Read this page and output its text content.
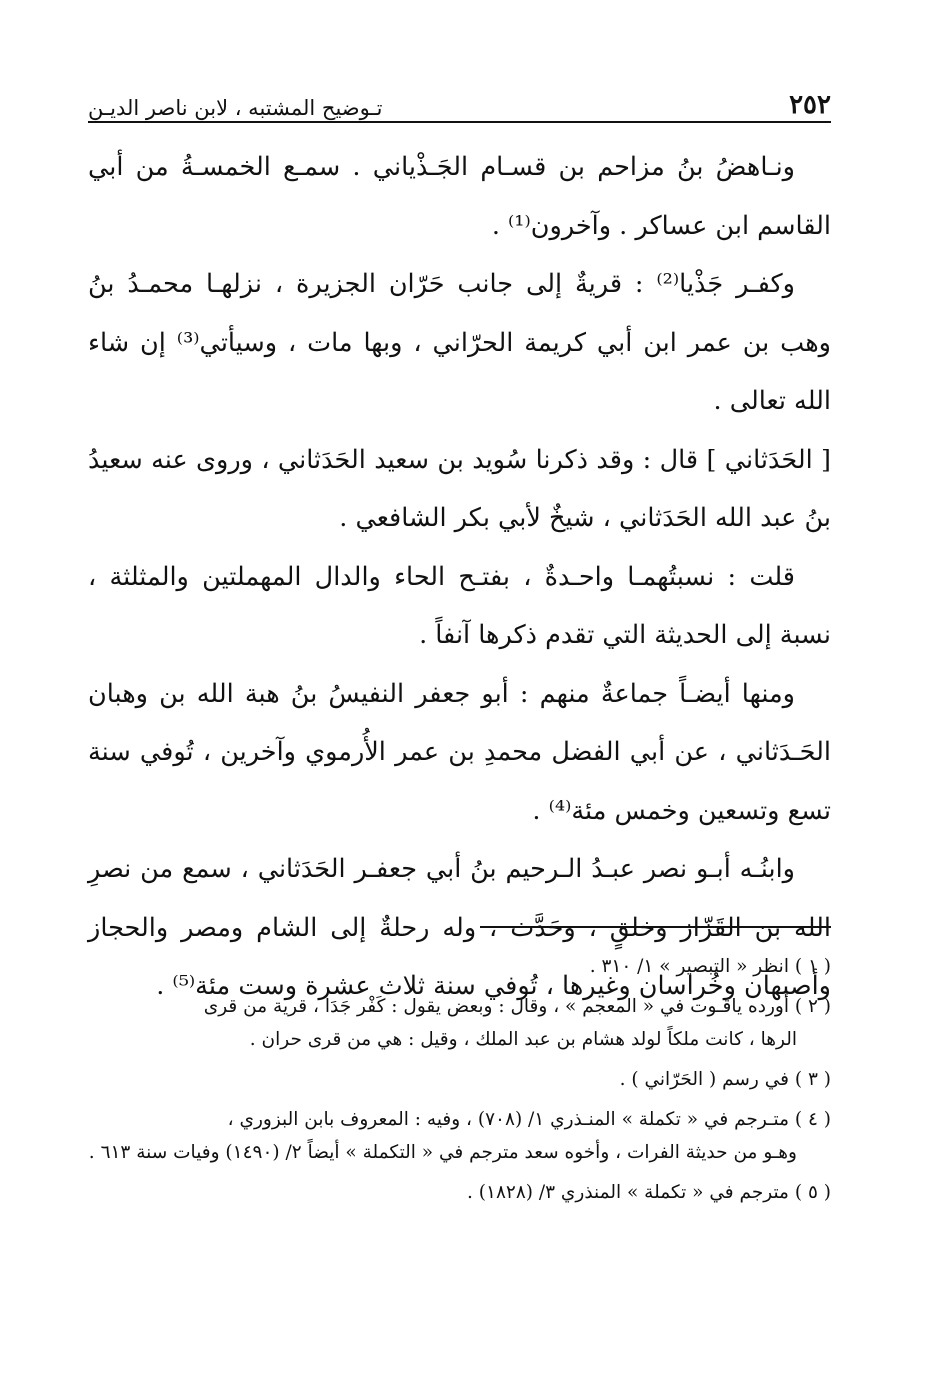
٢٥٢
تـوضيح المشتبه ، لابن ناصر الديـن

ونـاهضُ بنُ مزاحم بن قسـام الجَـذْياني . سمـع الخمسـةُ من أبي القاسم ابن عساكر . وآخرون⁽¹⁾ .

وكفـر جَذْيا⁽²⁾ : قريةٌ إلى جانب حَرّان الجزيرة ، نزلهـا محمـدُ بنُ وهب بن عمر ابن أبي كريمة الحرّاني ، وبها مات ، وسيأتي⁽³⁾ إن شاء الله تعالى .

[ الحَدَثاني ] قال : وقد ذكرنا سُويد بن سعيد الحَدَثاني ، وروى عنه سعيدُ بنُ عبد الله الحَدَثاني ، شيخٌ لأبي بكر الشافعي .

قلت : نسبتُهمـا واحـدةٌ ، بفتـح الحاء والدال المهملتين والمثلثة ، نسبة إلى الحديثة التي تقدم ذكرها آنفاً .

ومنها أيضـاً جماعةٌ منهم : أبو جعفر النفيسُ بنُ هبة الله بن وهبان الحَـدَثاني ، عن أبي الفضل محمدِ بن عمر الأُرموي وآخرين ، تُوفي سنة تسع وتسعين وخمس مئة⁽⁴⁾ .

وابنُـه أبـو نصر عبـدُ الـرحيم بنُ أبي جعفـر الحَدَثاني ، سمع من نصرِ الله بن القَزّاز وخلقٍ ، وحَدَّث ، وله رحلةٌ إلى الشام ومصر والحجاز وأصبهان وخُراسان وغيرها ، تُوفي سنة ثلاث عشرة وست مئة⁽⁵⁾ .

( ١ ) انظر « التبصير » ١/ ٣١٠ .

( ٢ ) أورده ياقـوت في « المعجم » ، وقال : وبعض يقول : كَفْر جَدَا ، قرية من قرى
الرها ، كانت ملكاً لولد هشام بن عبد الملك ، وقيل : هي من قرى حران .

( ٣ ) في رسم ( الحَرّاني ) .

( ٤ ) متـرجم في « تكملة » المنـذري ١/ (٧٠٨) ، وفيه : المعروف بابن البزوري ،
وهـو من حديثة الفرات ، وأخوه سعد مترجم في « التكملة » أيضاً ٢/ (١٤٩٠) وفيات سنة ٦١٣ .

( ٥ ) مترجم في « تكملة » المنذري ٣/ (١٨٢٨) .
